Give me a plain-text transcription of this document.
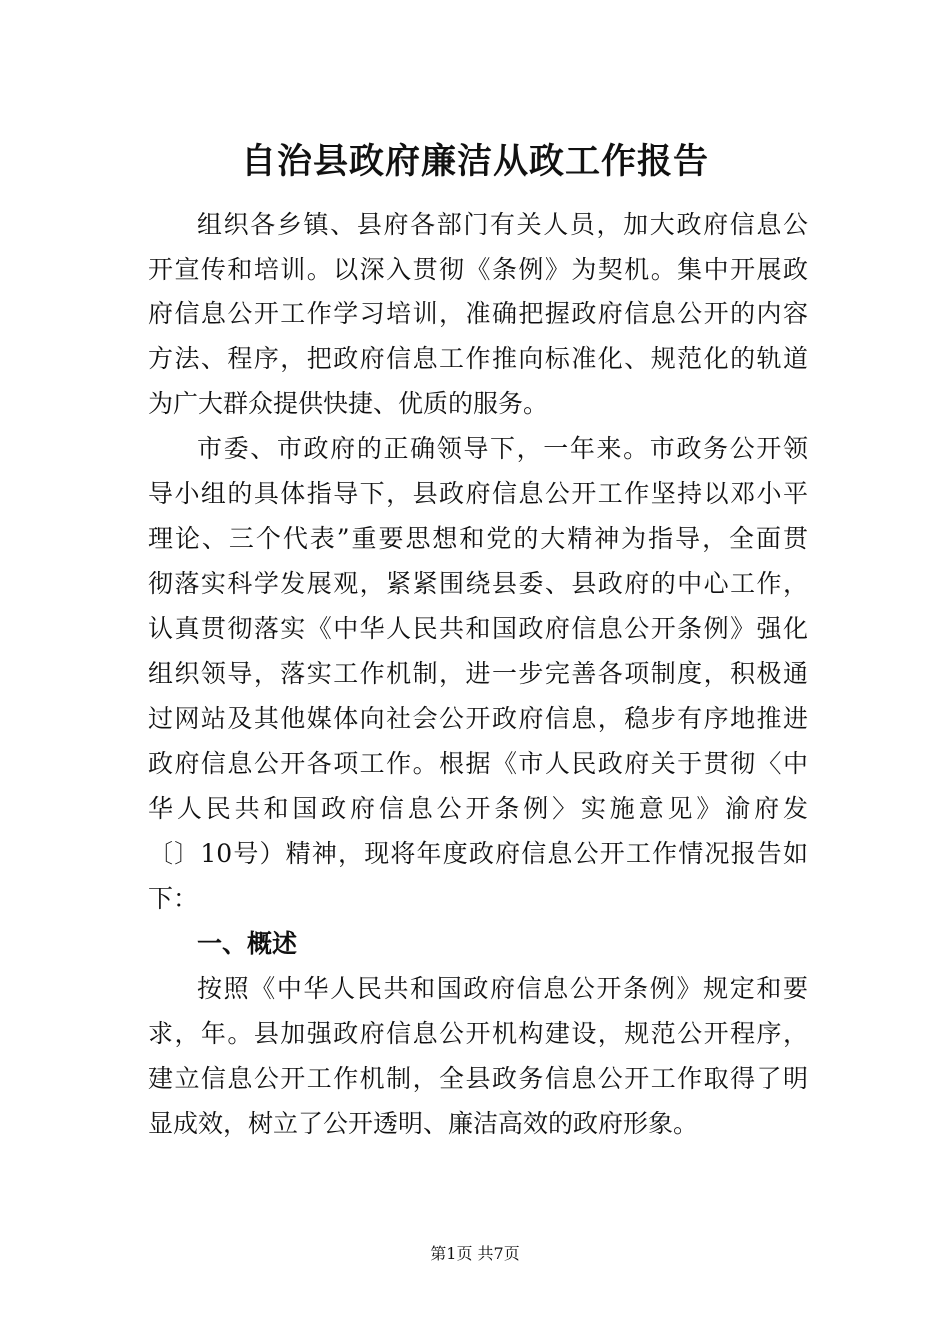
自治县政府廉洁从政工作报告
组织各乡镇、县府各部门有关人员，加大政府信息公
开宣传和培训。以深入贯彻《条例》为契机。集中开展政
府信息公开工作学习培训，准确把握政府信息公开的内容
方法、程序，把政府信息工作推向标准化、规范化的轨道
为广大群众提供快捷、优质的服务。
市委、市政府的正确领导下，一年来。市政务公开领
导小组的具体指导下，县政府信息公开工作坚持以邓小平
理论、三个代表”重要思想和党的大精神为指导，全面贯
彻落实科学发展观，紧紧围绕县委、县政府的中心工作，
认真贯彻落实《中华人民共和国政府信息公开条例》强化
组织领导，落实工作机制，进一步完善各项制度，积极通
过网站及其他媒体向社会公开政府信息，稳步有序地推进
政府信息公开各项工作。根据《市人民政府关于贯彻〈中
华人民共和国政府信息公开条例〉实施意见》渝府发
〔〕10号）精神，现将年度政府信息公开工作情况报告如
下：
一、概述
按照《中华人民共和国政府信息公开条例》规定和要
求，年。县加强政府信息公开机构建设，规范公开程序，
建立信息公开工作机制，全县政务信息公开工作取得了明
显成效，树立了公开透明、廉洁高效的政府形象。
第1页 共7页
